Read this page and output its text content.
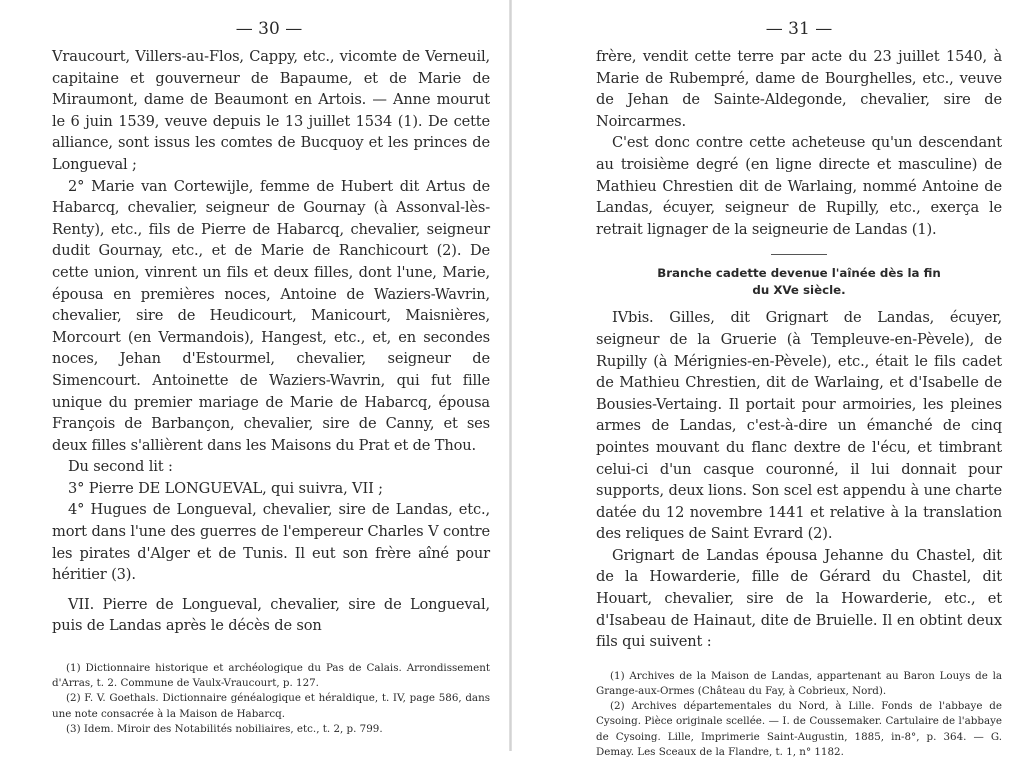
— 30 —

Vraucourt, Villers-au-Flos, Cappy, etc., vicomte de Verneuil, capitaine et gouverneur de Bapaume, et de Marie de Miraumont, dame de Beaumont en Artois. — Anne mourut le 6 juin 1539, veuve depuis le 13 juillet 1534 (1). De cette alliance, sont issus les comtes de Bucquoy et les princes de Longueval ;

2° Marie van Cortewijle, femme de Hubert dit Artus de Habarcq, chevalier, seigneur de Gournay (à Assonval-lès-Renty), etc., fils de Pierre de Habarcq, chevalier, seigneur dudit Gournay, etc., et de Marie de Ranchicourt (2). De cette union, vinrent un fils et deux filles, dont l'une, Marie, épousa en premières noces, Antoine de Waziers-Wavrin, chevalier, sire de Heudicourt, Manicourt, Maisnières, Morcourt (en Vermandois), Hangest, etc., et, en secondes noces, Jehan d'Estourmel, chevalier, seigneur de Simencourt. Antoinette de Waziers-Wavrin, qui fut fille unique du premier mariage de Marie de Habarcq, épousa François de Barbançon, chevalier, sire de Canny, et ses deux filles s'allièrent dans les Maisons du Prat et de Thou.

Du second lit :

3° Pierre DE LONGUEVAL, qui suivra, VII ;

4° Hugues de Longueval, chevalier, sire de Landas, etc., mort dans l'une des guerres de l'empereur Charles V contre les pirates d'Alger et de Tunis. Il eut son frère aîné pour héritier (3).

VII. Pierre de Longueval, chevalier, sire de Longueval, puis de Landas après le décès de son

(1) Dictionnaire historique et archéologique du Pas de Calais. Arrondissement d'Arras, t. 2. Commune de Vaulx-Vraucourt, p. 127.

(2) F. V. Goethals. Dictionnaire généalogique et héraldique, t. IV, page 586, dans une note consacrée à la Maison de Habarcq.

(3) Idem. Miroir des Notabilités nobiliaires, etc., t. 2, p. 799.

— 31 —

frère, vendit cette terre par acte du 23 juillet 1540, à Marie de Rubempré, dame de Bourghelles, etc., veuve de Jehan de Sainte-Aldegonde, chevalier, sire de Noircarmes.

C'est donc contre cette acheteuse qu'un descendant au troisième degré (en ligne directe et masculine) de Mathieu Chrestien dit de Warlaing, nommé Antoine de Landas, écuyer, seigneur de Rupilly, etc., exerça le retrait lignager de la seigneurie de Landas (1).

Branche cadette devenue l'aînée dès la fin
du XVe siècle.

IVbis. Gilles, dit Grignart de Landas, écuyer, seigneur de la Gruerie (à Templeuve-en-Pèvele), de Rupilly (à Mérignies-en-Pèvele), etc., était le fils cadet de Mathieu Chrestien, dit de Warlaing, et d'Isabelle de Bousies-Vertaing. Il portait pour armoiries, les pleines armes de Landas, c'est-à-dire un émanché de cinq pointes mouvant du flanc dextre de l'écu, et timbrant celui-ci d'un casque couronné, il lui donnait pour supports, deux lions. Son scel est appendu à une charte datée du 12 novembre 1441 et relative à la translation des reliques de Saint Evrard (2).

Grignart de Landas épousa Jehanne du Chastel, dit de la Howarderie, fille de Gérard du Chastel, dit Houart, chevalier, sire de la Howarderie, etc., et d'Isabeau de Hainaut, dite de Bruielle. Il en obtint deux fils qui suivent :

(1) Archives de la Maison de Landas, appartenant au Baron Louys de la Grange-aux-Ormes (Château du Fay, à Cobrieux, Nord).

(2) Archives départementales du Nord, à Lille. Fonds de l'abbaye de Cysoing. Pièce originale scellée. — I. de Coussemaker. Cartulaire de l'abbaye de Cysoing. Lille, Imprimerie Saint-Augustin, 1885, in-8°, p. 364. — G. Demay. Les Sceaux de la Flandre, t. 1, n° 1182.
